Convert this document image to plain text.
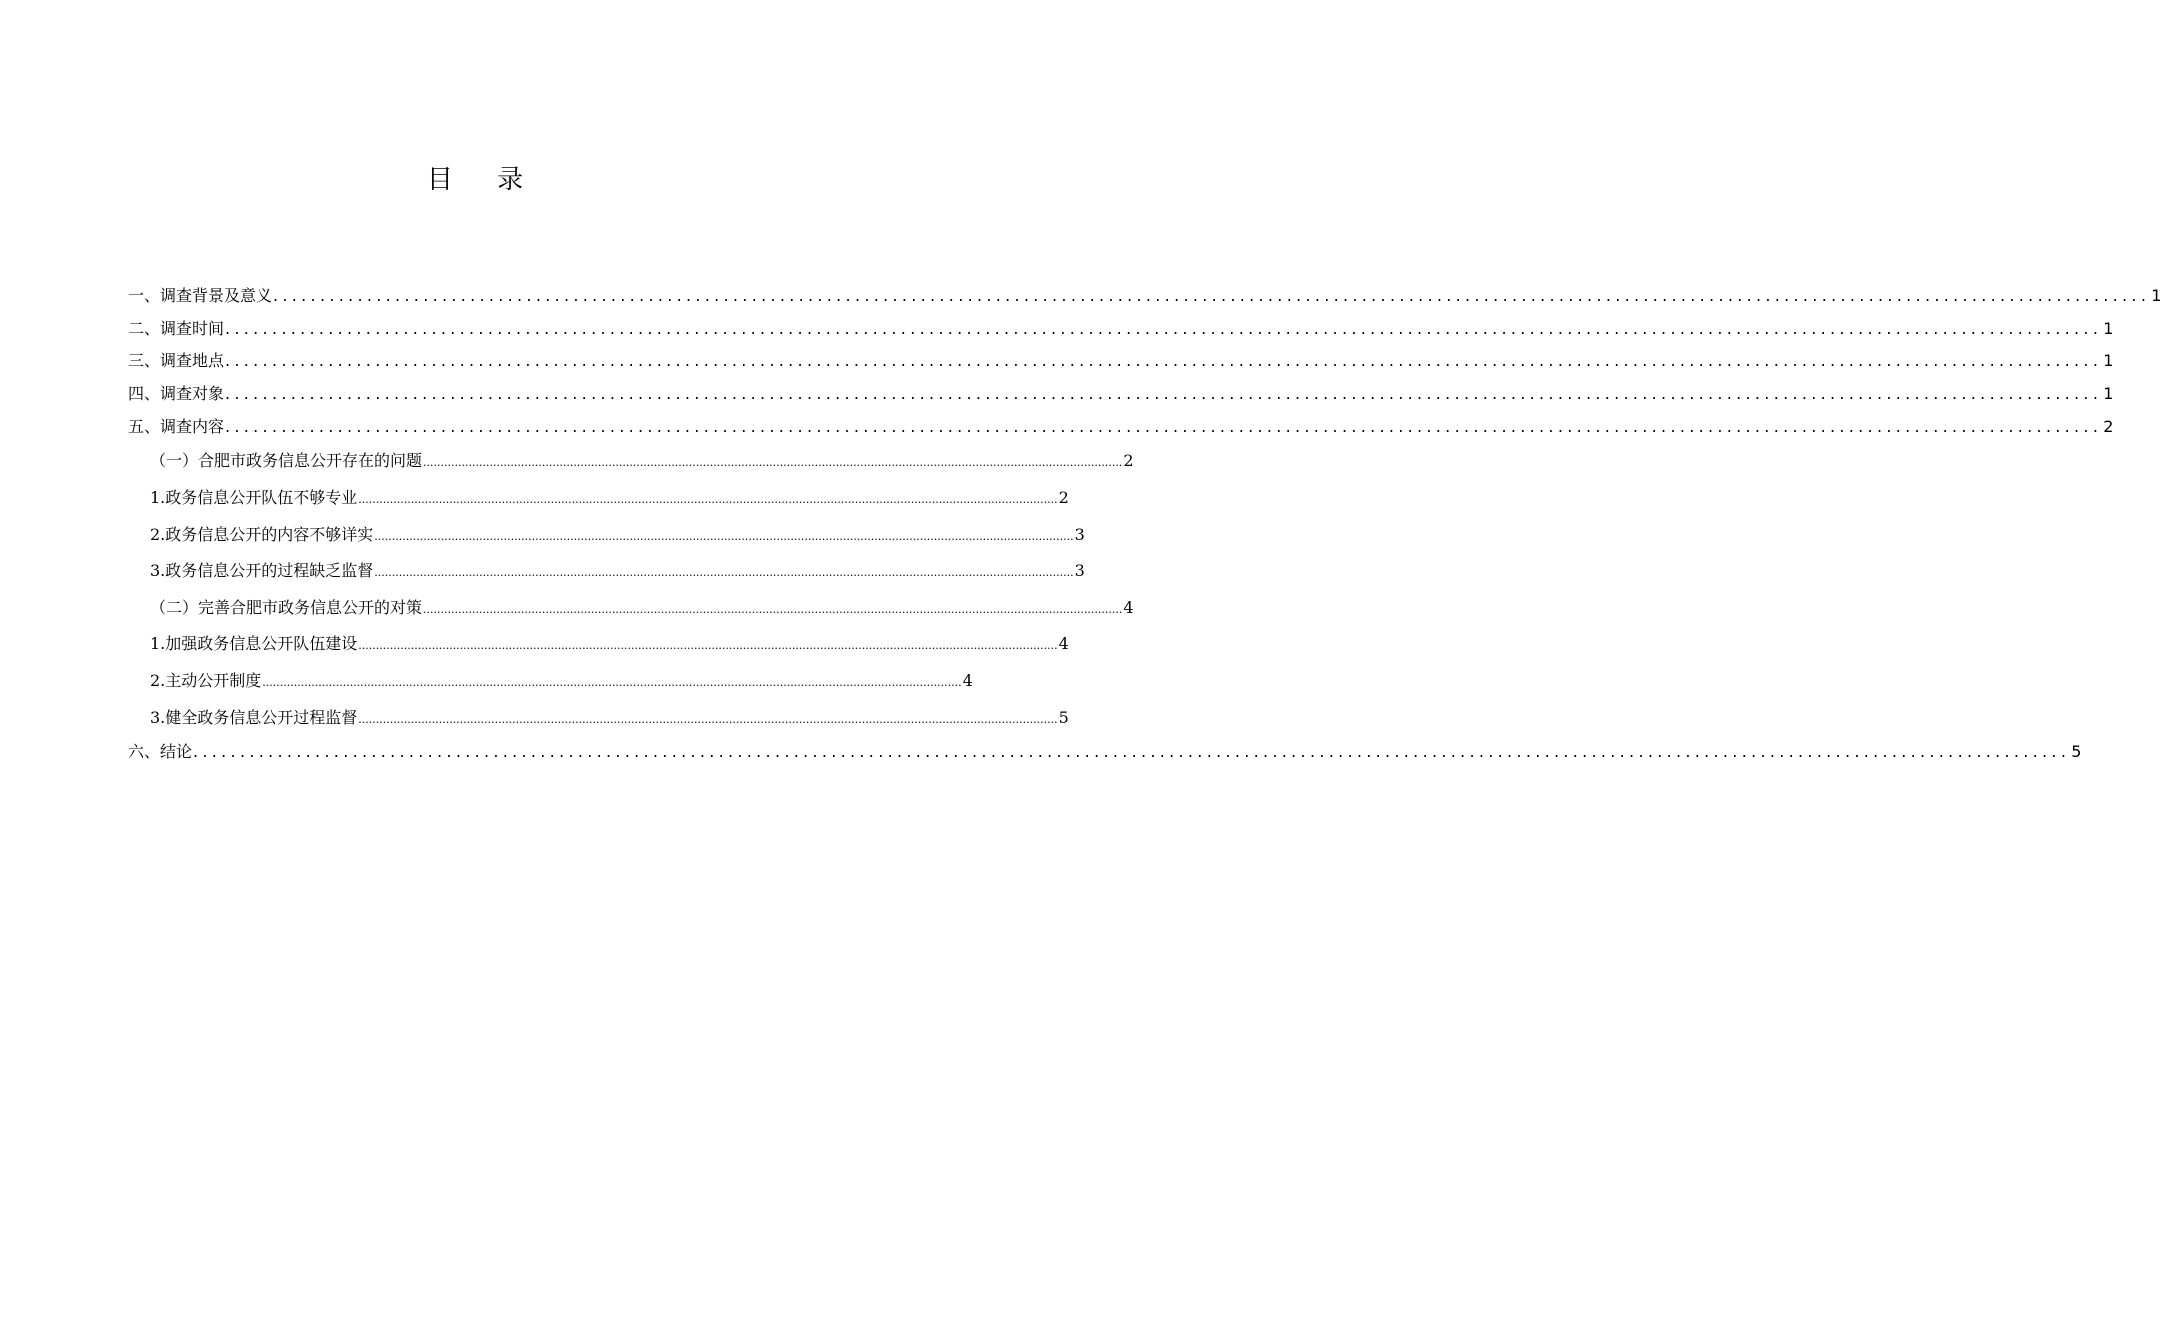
目 录
一、调查背景及意义 ........................................................................................................................................................................................................ 1
二、调查时间 ........................................................................................................................................................................................................ 1
三、调查地点 ........................................................................................................................................................................................................ 1
四、调查对象 ........................................................................................................................................................................................................ 1
五、调查内容 ........................................................................................................................................................................................................ 2
（一）合肥市政务信息公开存在的问题 ........................................................................................................................................................................................................ 2
1.政务信息公开队伍不够专业 ........................................................................................................................................................................................................ 2
2.政务信息公开的内容不够详实 ........................................................................................................................................................................................................ 3
3.政务信息公开的过程缺乏监督 ........................................................................................................................................................................................................ 3
（二）完善合肥市政务信息公开的对策 ........................................................................................................................................................................................................ 4
1.加强政务信息公开队伍建设 ........................................................................................................................................................................................................ 4
2.主动公开制度 ........................................................................................................................................................................................................ 4
3.健全政务信息公开过程监督 ........................................................................................................................................................................................................ 5
六、结论 ........................................................................................................................................................................................................ 5
